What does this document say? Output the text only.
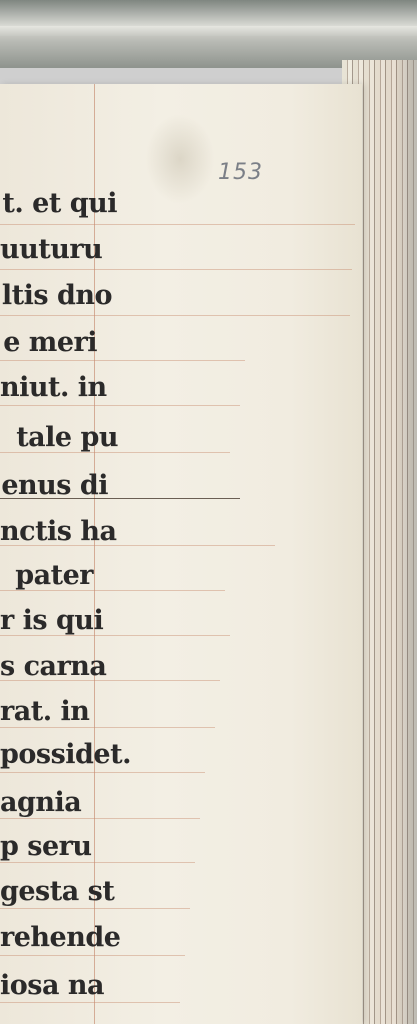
153
t. et qui
uuturu
ltis dno
e meri
niut. in
tale pu
enus di
nctis ha
pater
r is qui
s carna
rat. in
possidet.
agnia
p seru
gesta st
rehende
iosa na
